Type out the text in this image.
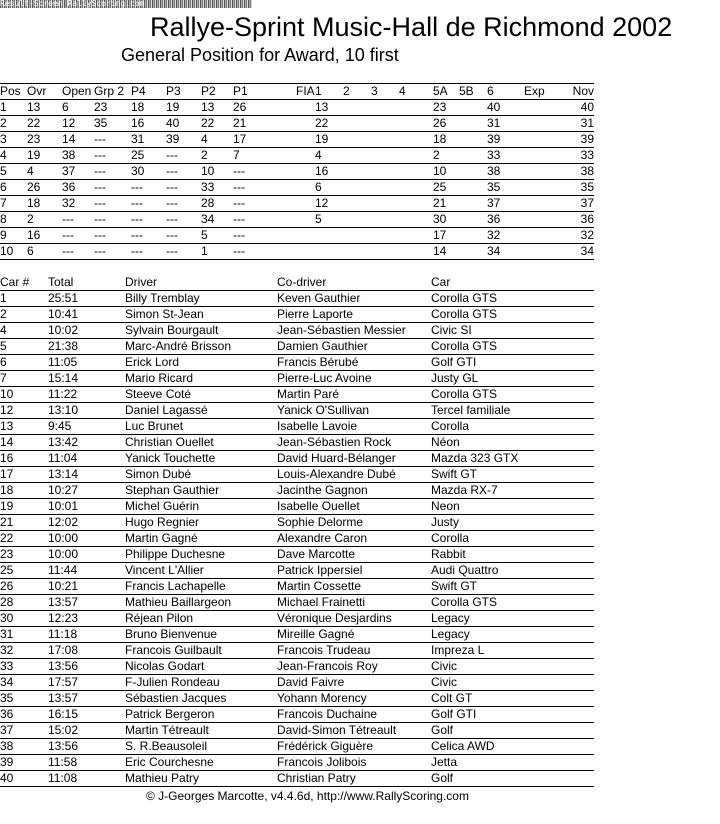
Result-Screen RallyScoring.com
Rallye-Sprint Music-Hall de Richmond 2002
General Position for Award, 10 first
Pos	Ovr	Open	Grp 2	P4	P3	P2	P1	FIA	1	2	3	4	5A	5B	6	Exp	Nov
1	13	6	23	18	19	13	26		13				23		40		40
2	22	12	35	16	40	22	21		22				26		31		31
3	23	14	---	31	39	4	17		19				18		39		39
4	19	38	---	25	---	2	7		4				2		33		33
5	4	37	---	30	---	10	---		16				10		38		38
6	26	36	---	---	---	33	---		6				25		35		35
7	18	32	---	---	---	28	---		12				21		37		37
8	2	---	---	---	---	34	---		5				30		36		36
9	16	---	---	---	---	5	---						17		32		32
10	6	---	---	---	---	1	---						14		34		34
Car #	Total	Driver	Co-driver	Car
1	25:51	Billy Tremblay	Keven Gauthier	Corolla GTS
2	10:41	Simon St-Jean	Pierre Laporte	Corolla GTS
4	10:02	Sylvain Bourgault	Jean-Sébastien Messier	Civic SI
5	21:38	Marc-André Brisson	Damien Gauthier	Corolla GTS
6	11:05	Erick Lord	Francis Bérubé	Golf GTI
7	15:14	Mario Ricard	Pierre-Luc Avoine	Justy GL
10	11:22	Steeve Coté	Martin Paré	Corolla GTS
12	13:10	Daniel Lagassé	Yanick O'Sullivan	Tercel familiale
13	9:45	Luc Brunet	Isabelle Lavoie	Corolla
14	13:42	Christian Ouellet	Jean-Sébastien Rock	Néon
16	11:04	Yanick Touchette	David Huard-Bélanger	Mazda 323 GTX
17	13:14	Simon Dubé	Louis-Alexandre Dubé	Swift GT
18	10:27	Stephan Gauthier	Jacinthe Gagnon	Mazda RX-7
19	10:01	Michel Guérin	Isabelle Ouellet	Neon
21	12:02	Hugo Regnier	Sophie Delorme	Justy
22	10:00	Martin Gagné	Alexandre Caron	Corolla
23	10:00	Philippe Duchesne	Dave Marcotte	Rabbit
25	11:44	Vincent L'Allier	Patrick Ippersiel	Audi Quattro
26	10:21	Francis Lachapelle	Martin Cossette	Swift GT
28	13:57	Mathieu Baillargeon	Michael Frainetti	Corolla GTS
30	12:23	Réjean Pilon	Véronique Desjardins	Legacy
31	11:18	Bruno Bienvenue	Mireille Gagné	Legacy
32	17:08	Francois Guilbault	Francois Trudeau	Impreza L
33	13:56	Nicolas Godart	Jean-Francois Roy	Civic
34	17:57	F-Julien Rondeau	David Faivre	Civic
35	13:57	Sébastien Jacques	Yohann Morency	Colt GT
36	16:15	Patrick Bergeron	Francois Duchaine	Golf GTI
37	15:02	Martin Tétreault	David-Simon Tétreault	Golf
38	13:56	S. R.Beausoleil	Frédérick Giguère	Celica AWD
39	11:58	Eric Courchesne	Francois Jolibois	Jetta
40	11:08	Mathieu Patry	Christian Patry	Golf
© J-Georges Marcotte, v4.4.6d, http://www.RallyScoring.com
